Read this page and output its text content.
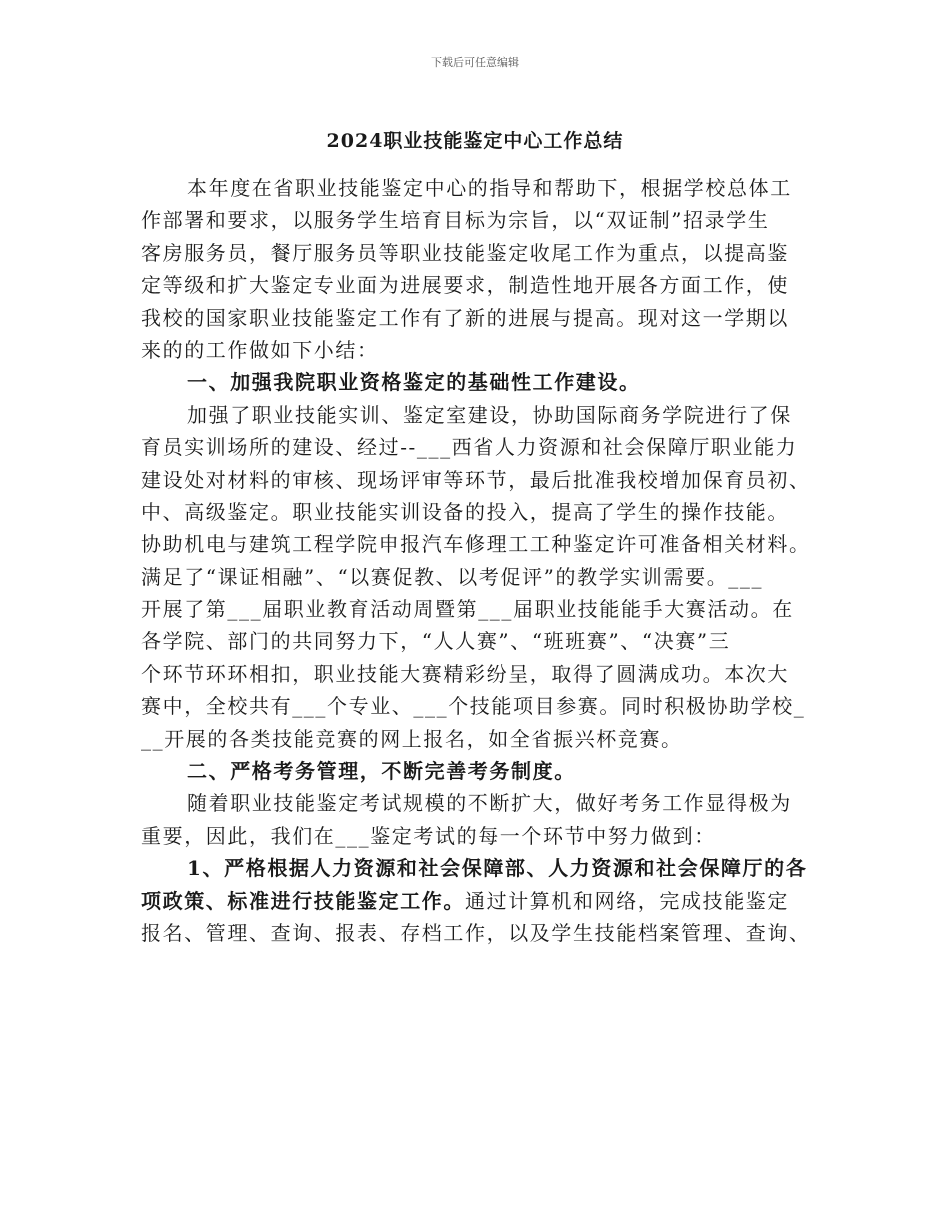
下载后可任意编辑
2024职业技能鉴定中心工作总结
本年度在省职业技能鉴定中心的指导和帮助下，根据学校总体工
作部署和要求，以服务学生培育目标为宗旨，以“双证制”招录学生
客房服务员，餐厅服务员等职业技能鉴定收尾工作为重点，以提高鉴
定等级和扩大鉴定专业面为进展要求，制造性地开展各方面工作，使
我校的国家职业技能鉴定工作有了新的进展与提高。现对这一学期以
来的的工作做如下小结：
一、加强我院职业资格鉴定的基础性工作建设。
加强了职业技能实训、鉴定室建设，协助国际商务学院进行了保
育员实训场所的建设、经过--___西省人力资源和社会保障厅职业能力
建设处对材料的审核、现场评审等环节，最后批准我校增加保育员初、
中、高级鉴定。职业技能实训设备的投入，提高了学生的操作技能。
协助机电与建筑工程学院申报汽车修理工工种鉴定许可准备相关材料。
满足了“课证相融”、“以赛促教、以考促评”的教学实训需要。___
开展了第___届职业教育活动周暨第___届职业技能能手大赛活动。在
各学院、部门的共同努力下，“人人赛”、“班班赛”、“决赛”三
个环节环环相扣，职业技能大赛精彩纷呈，取得了圆满成功。本次大
赛中，全校共有___个专业、___个技能项目参赛。同时积极协助学校_
__开展的各类技能竞赛的网上报名，如全省振兴杯竞赛。
二、严格考务管理，不断完善考务制度。
随着职业技能鉴定考试规模的不断扩大，做好考务工作显得极为
重要，因此，我们在___鉴定考试的每一个环节中努力做到：
1、严格根据人力资源和社会保障部、人力资源和社会保障厅的各
项政策、标准进行技能鉴定工作。通过计算机和网络，完成技能鉴定
报名、管理、查询、报表、存档工作，以及学生技能档案管理、查询、
